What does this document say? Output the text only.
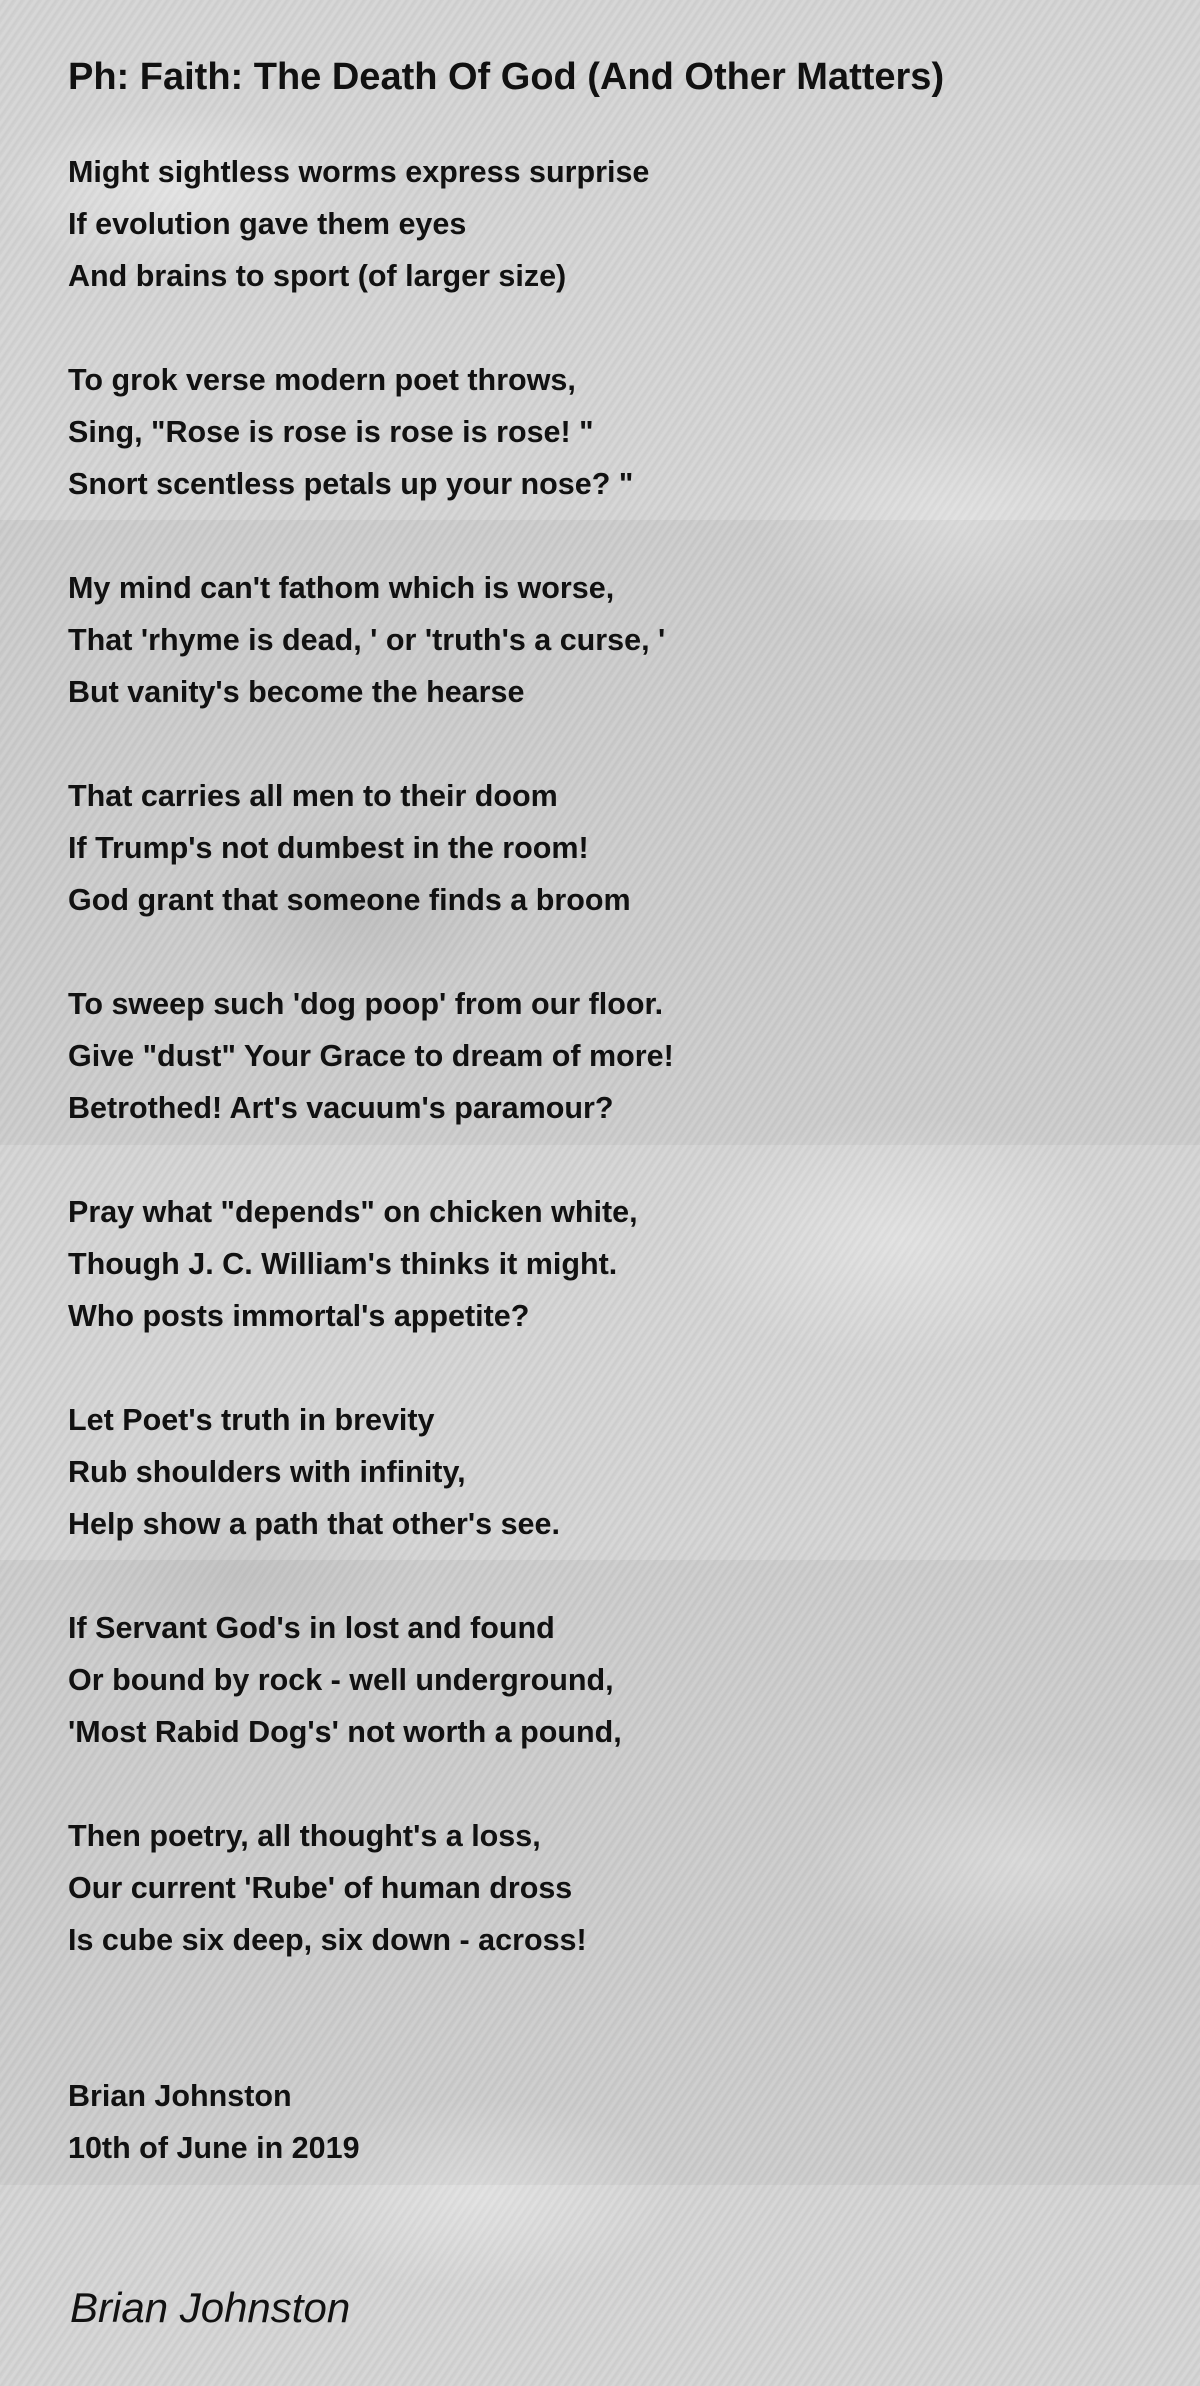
Ph: Faith: The Death Of God (And Other Matters)
Might sightless worms express surprise
If evolution gave them eyes
And brains to sport (of larger size)
To grok verse modern poet throws,
Sing, "Rose is rose is rose is rose! "
Snort scentless petals up your nose? "
My mind can't fathom which is worse,
That 'rhyme is dead, ' or 'truth's a curse, '
But vanity's become the hearse
That carries all men to their doom
If Trump's not dumbest in the room!
God grant that someone finds a broom
To sweep such 'dog poop' from our floor.
Give "dust" Your Grace to dream of more!
Betrothed! Art's vacuum's paramour?
Pray what "depends" on chicken white,
Though J. C. William's thinks it might.
Who posts immortal's appetite?
Let Poet's truth in brevity
Rub shoulders with infinity,
Help show a path that other's see.
If Servant God's in lost and found
Or bound by rock - well underground,
'Most Rabid Dog's' not worth a pound,
Then poetry, all thought's a loss,
Our current 'Rube' of human dross
Is cube six deep, six down - across!
Brian Johnston
10th of June in 2019
Brian Johnston
